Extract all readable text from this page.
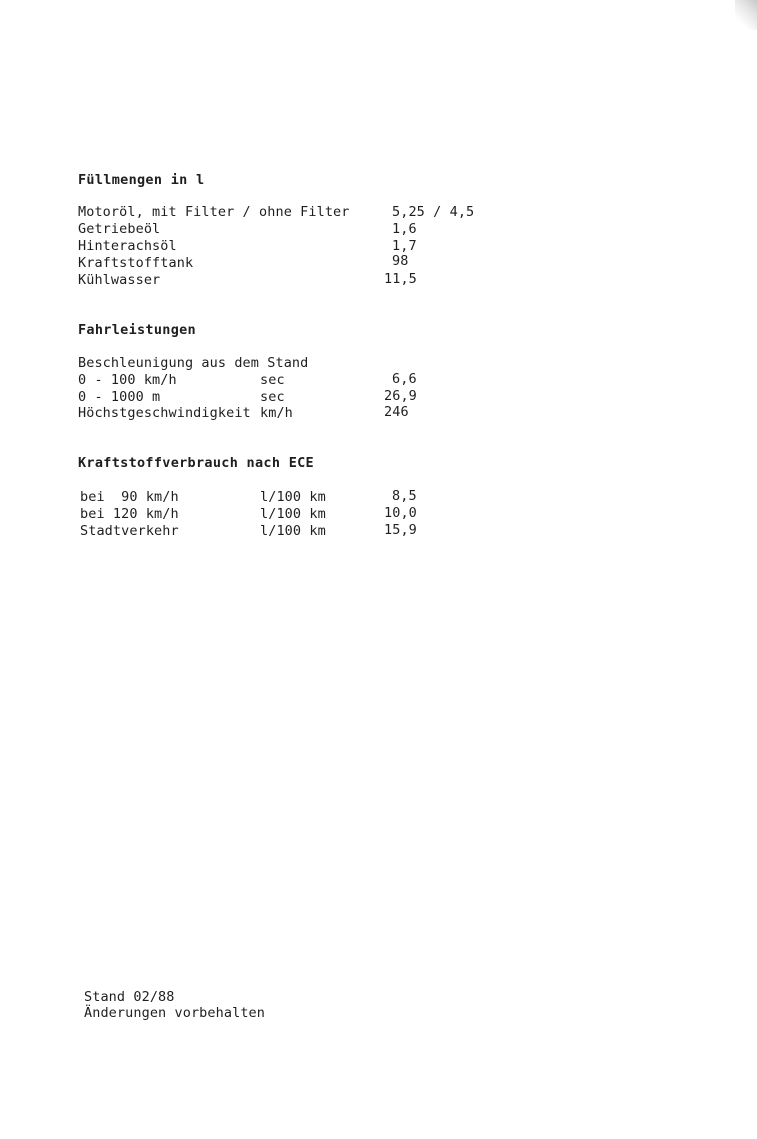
Füllmengen in l
Motoröl, mit Filter / ohne Filter	5,25 / 4,5
Getriebeöl	1,6
Hinterachsöl	1,7
Kraftstofftank	98
Kühlwasser	11,5
Fahrleistungen
Beschleunigung aus dem Stand
0 - 100 km/h	sec	6,6
0 - 1000 m	sec	26,9
Höchstgeschwindigkeit km/h	246
Kraftstoffverbrauch nach ECE
bei  90 km/h	l/100 km	8,5
bei 120 km/h	l/100 km	10,0
Stadtverkehr	l/100 km	15,9
Stand 02/88
Änderungen vorbehalten
